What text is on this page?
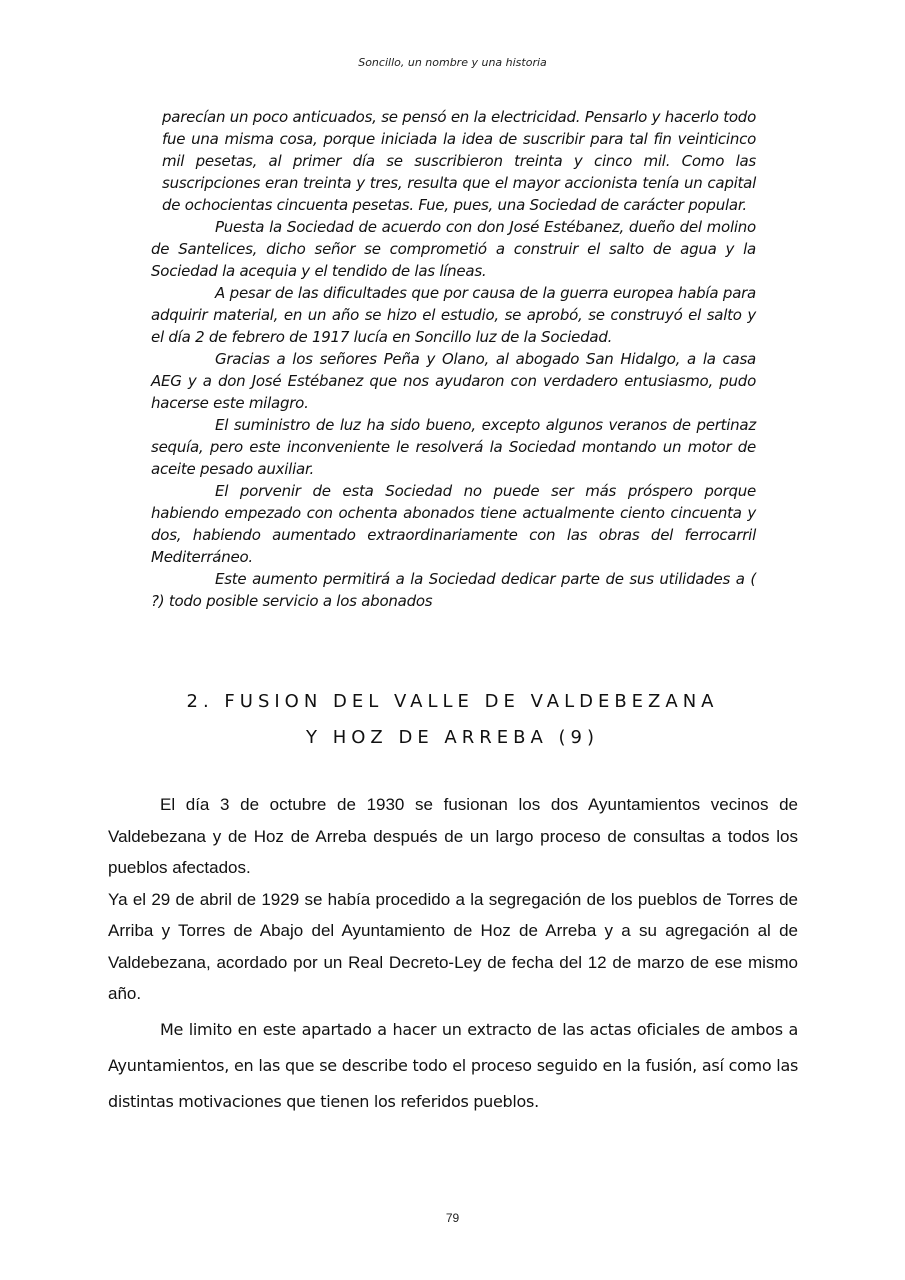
Soncillo, un nombre y una historia

parecían un poco anticuados, se pensó en la electricidad. Pensarlo y hacerlo todo fue una misma cosa, porque iniciada la idea de suscribir para tal fin veinticinco mil pesetas, al primer día se suscribieron treinta y cinco mil. Como las suscripciones eran treinta y tres, resulta que el mayor accionista tenía un capital de ochocientas cincuenta pesetas. Fue, pues, una Sociedad de carácter popular.

Puesta la Sociedad de acuerdo con don José Estébanez, dueño del molino de Santelices, dicho señor se comprometió a construir el salto de agua y la Sociedad la acequia y el tendido de las líneas.

A pesar de las dificultades que por causa de la guerra europea había para adquirir material, en un año se hizo el estudio, se aprobó, se construyó el salto y el día 2 de febrero de 1917 lucía en Soncillo luz de la Sociedad.

Gracias a los señores Peña y Olano, al abogado San Hidalgo, a la casa AEG y a don José Estébanez que nos ayudaron con verdadero entusiasmo, pudo hacerse este milagro.

El suministro de luz ha sido bueno, excepto algunos veranos de pertinaz sequía, pero este inconveniente le resolverá la Sociedad montando un motor de aceite pesado auxiliar.

El porvenir de esta Sociedad no puede ser más próspero porque habiendo empezado con ochenta abonados tiene actualmente ciento cincuenta y dos, habiendo aumentado extraordinariamente con las obras del ferrocarril Mediterráneo.

Este aumento permitirá a la Sociedad dedicar parte de sus utilidades a ( ?) todo posible servicio a los abonados

2. FUSION DEL VALLE DE VALDEBEZANA
Y HOZ DE ARREBA (9)

El día 3 de octubre de 1930 se fusionan los dos Ayuntamientos vecinos de Valdebezana y de Hoz de Arreba después de un largo proceso de consultas a todos los pueblos afectados.

Ya el 29 de abril de 1929 se había procedido a la segregación de los pueblos de Torres de Arriba y Torres de Abajo del Ayuntamiento de Hoz de Arreba y a su agregación al de Valdebezana, acordado por un Real Decreto-Ley de fecha del 12 de marzo de ese mismo año.

Me limito en este apartado a hacer un extracto de las actas oficiales de ambos a Ayuntamientos, en las que se describe todo el proceso seguido en la fusión, así como las distintas motivaciones que tienen los referidos pueblos.

79
